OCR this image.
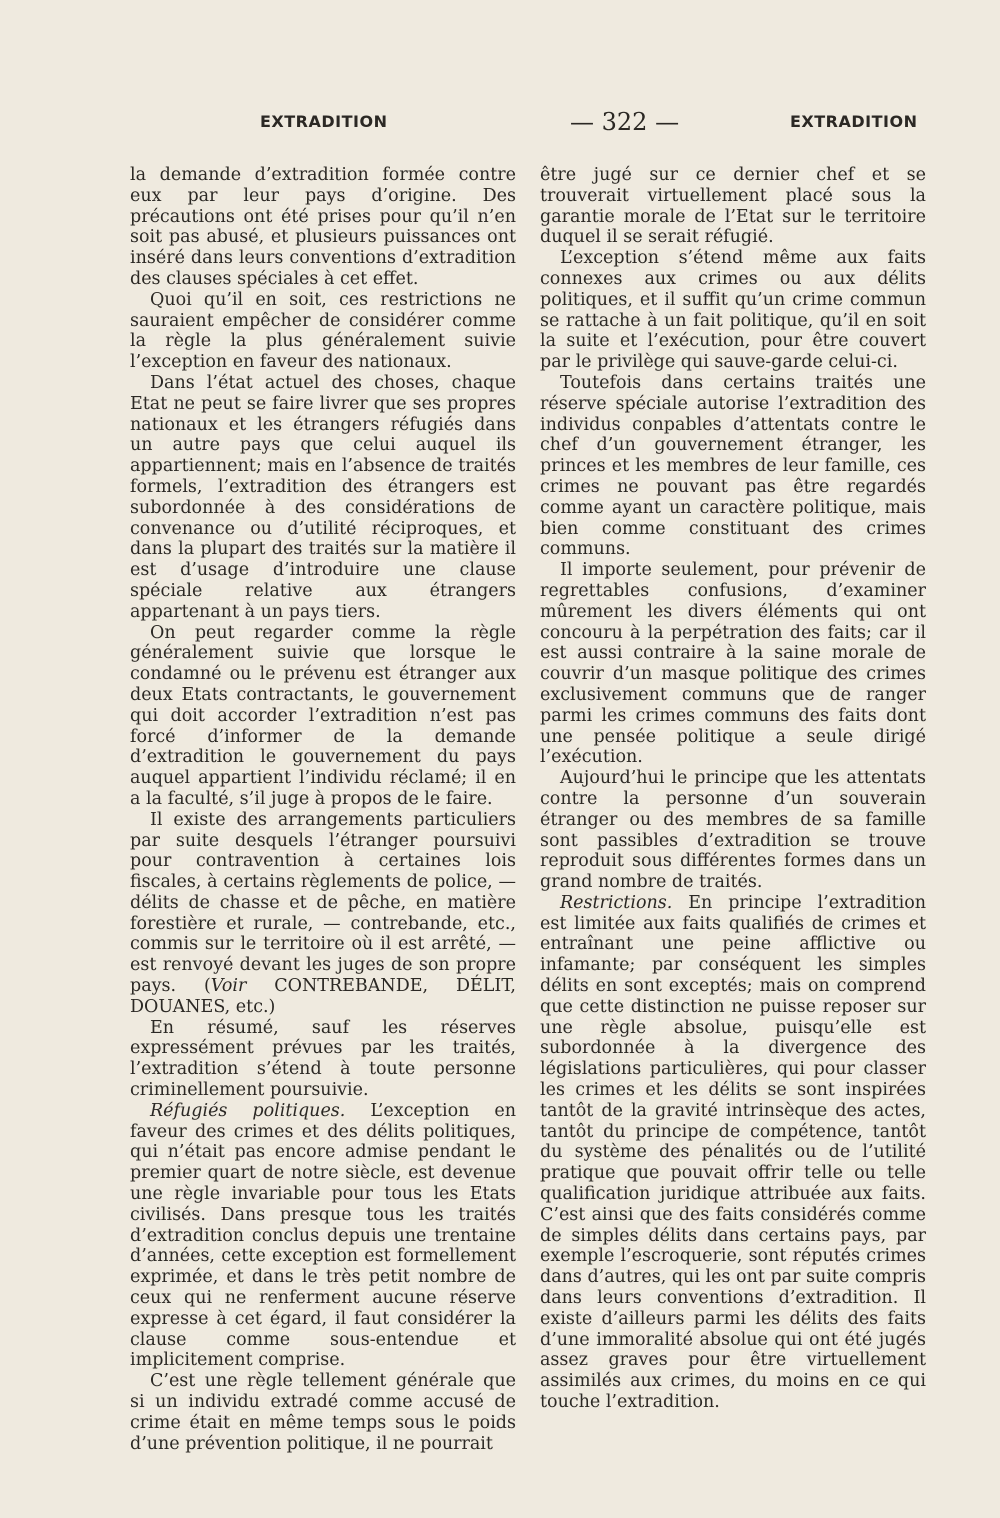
EXTRADITION	— 322 —	EXTRADITION

la demande d’extradition formée contre eux par leur pays d’origine. Des précautions ont été prises pour qu’il n’en soit pas abusé, et plusieurs puissances ont inséré dans leurs conventions d’extradition des clauses spéciales à cet effet.

Quoi qu’il en soit, ces restrictions ne sauraient empêcher de considérer comme la règle la plus généralement suivie l’exception en faveur des nationaux.

Dans l’état actuel des choses, chaque Etat ne peut se faire livrer que ses propres nationaux et les étrangers réfugiés dans un autre pays que celui auquel ils appartiennent; mais en l’absence de traités formels, l’extradition des étrangers est subordonnée à des considérations de convenance ou d’utilité réciproques, et dans la plupart des traités sur la matière il est d’usage d’introduire une clause spéciale relative aux étrangers appartenant à un pays tiers.

On peut regarder comme la règle généralement suivie que lorsque le condamné ou le prévenu est étranger aux deux Etats contractants, le gouvernement qui doit accorder l’extradition n’est pas forcé d’informer de la demande d’extradition le gouvernement du pays auquel appartient l’individu réclamé; il en a la faculté, s’il juge à propos de le faire.

Il existe des arrangements particuliers par suite desquels l’étranger poursuivi pour contravention à certaines lois fiscales, à certains règlements de police, — délits de chasse et de pêche, en matière forestière et rurale, — contrebande, etc., commis sur le territoire où il est arrêté, — est renvoyé devant les juges de son propre pays. (Voir CONTREBANDE, DÉLIT, DOUANES, etc.)

En résumé, sauf les réserves expressément prévues par les traités, l’extradition s’étend à toute personne criminellement poursuivie.

Réfugiés politiques. L’exception en faveur des crimes et des délits politiques, qui n’était pas encore admise pendant le premier quart de notre siècle, est devenue une règle invariable pour tous les Etats civilisés. Dans presque tous les traités d’extradition conclus depuis une trentaine d’années, cette exception est formellement exprimée, et dans le très petit nombre de ceux qui ne renferment aucune réserve expresse à cet égard, il faut considérer la clause comme sous-entendue et implicitement comprise.

C’est une règle tellement générale que si un individu extradé comme accusé de crime était en même temps sous le poids d’une prévention politique, il ne pourrait

être jugé sur ce dernier chef et se trouverait virtuellement placé sous la garantie morale de l’Etat sur le territoire duquel il se serait réfugié.

L’exception s’étend même aux faits connexes aux crimes ou aux délits politiques, et il suffit qu’un crime commun se rattache à un fait politique, qu’il en soit la suite et l’exécution, pour être couvert par le privilège qui sauve-garde celui-ci.

Toutefois dans certains traités une réserve spéciale autorise l’extradition des individus conpables d’attentats contre le chef d’un gouvernement étranger, les princes et les membres de leur famille, ces crimes ne pouvant pas être regardés comme ayant un caractère politique, mais bien comme constituant des crimes communs.

Il importe seulement, pour prévenir de regrettables confusions, d’examiner mûrement les divers éléments qui ont concouru à la perpétration des faits; car il est aussi contraire à la saine morale de couvrir d’un masque politique des crimes exclusivement communs que de ranger parmi les crimes communs des faits dont une pensée politique a seule dirigé l’exécution.

Aujourd’hui le principe que les attentats contre la personne d’un souverain étranger ou des membres de sa famille sont passibles d’extradition se trouve reproduit sous différentes formes dans un grand nombre de traités.

Restrictions. En principe l’extradition est limitée aux faits qualifiés de crimes et entraînant une peine afflictive ou infamante; par conséquent les simples délits en sont exceptés; mais on comprend que cette distinction ne puisse reposer sur une règle absolue, puisqu’elle est subordonnée à la divergence des législations particulières, qui pour classer les crimes et les délits se sont inspirées tantôt de la gravité intrinsèque des actes, tantôt du principe de compétence, tantôt du système des pénalités ou de l’utilité pratique que pouvait offrir telle ou telle qualification juridique attribuée aux faits. C’est ainsi que des faits considérés comme de simples délits dans certains pays, par exemple l’escroquerie, sont réputés crimes dans d’autres, qui les ont par suite compris dans leurs conventions d’extradition. Il existe d’ailleurs parmi les délits des faits d’une immoralité absolue qui ont été jugés assez graves pour être virtuellement assimilés aux crimes, du moins en ce qui touche l’extradition.
